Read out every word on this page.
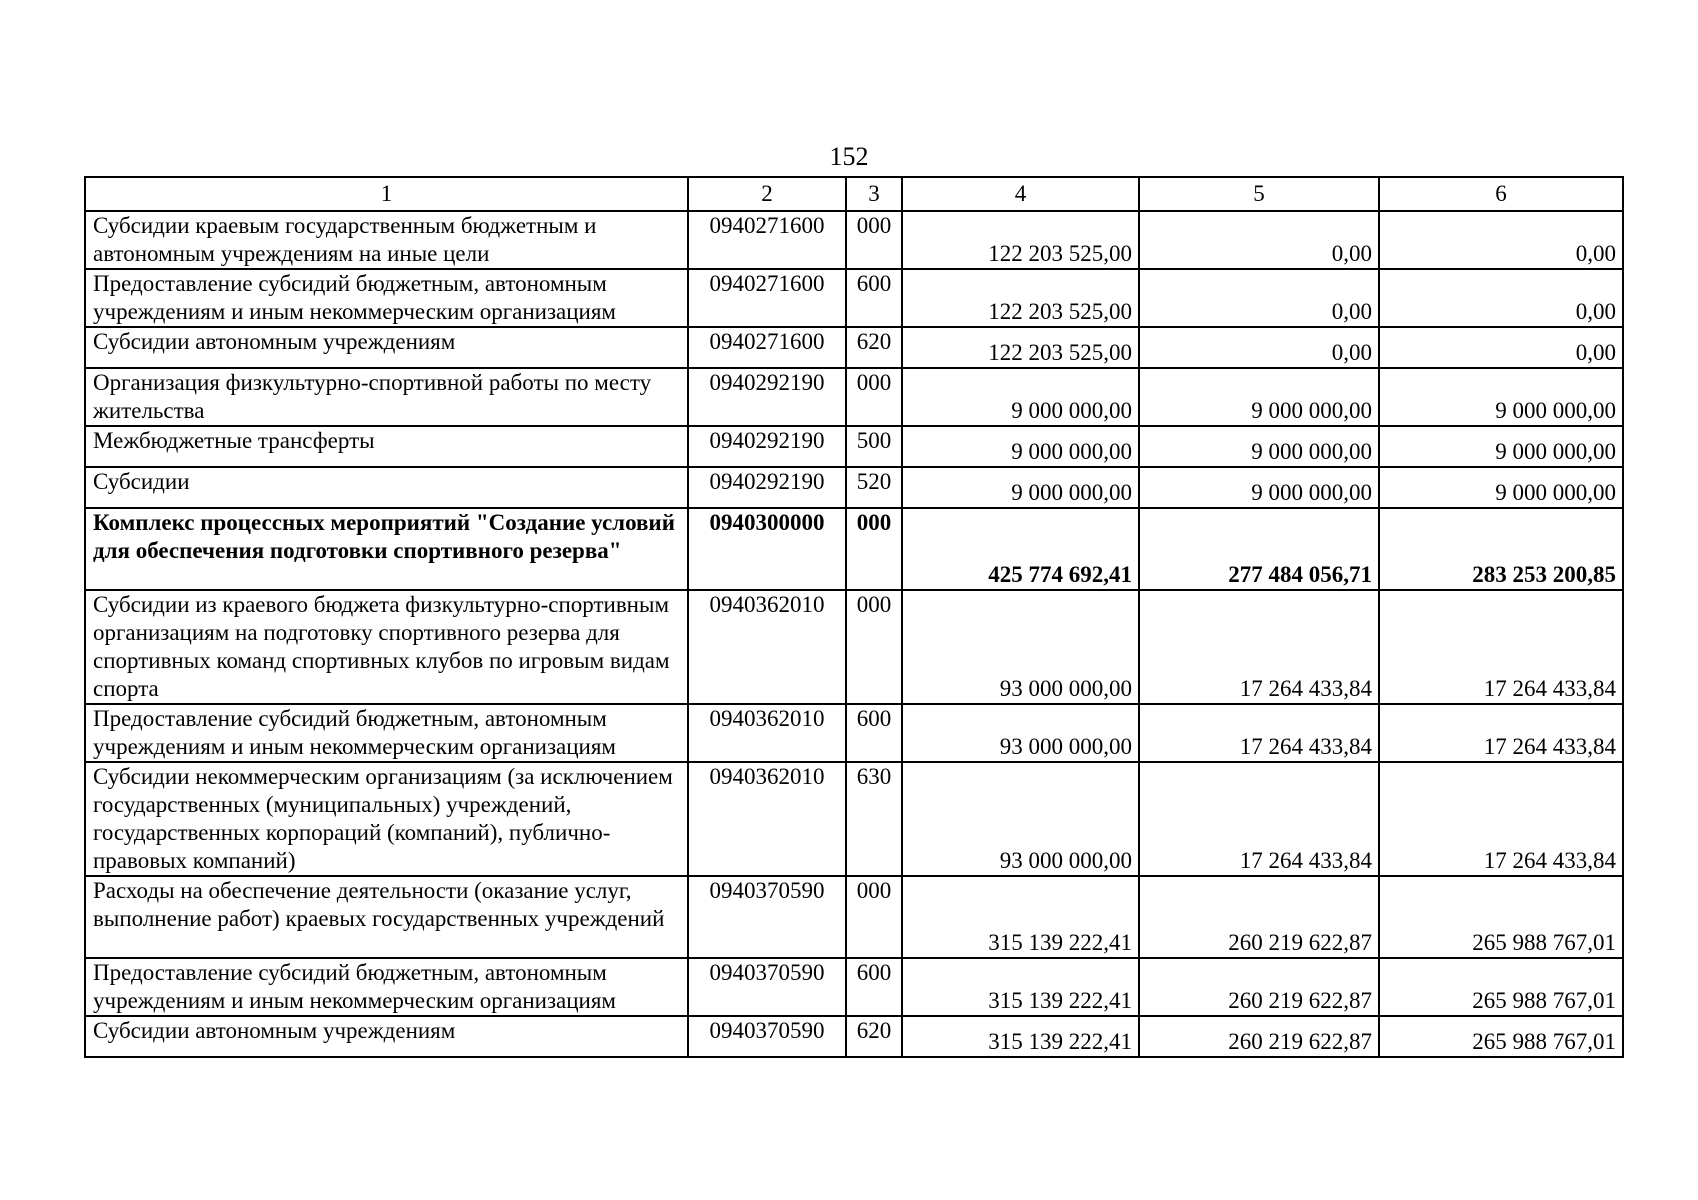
152
1	2	3	4	5	6
Субсидии краевым государственным бюджетным и автономным учреждениям на иные цели	0940271600	000	122 203 525,00	0,00	0,00
Предоставление субсидий бюджетным, автономным учреждениям и иным некоммерческим организациям	0940271600	600	122 203 525,00	0,00	0,00
Субсидии автономным учреждениям	0940271600	620	122 203 525,00	0,00	0,00
Организация физкультурно-спортивной работы по месту жительства	0940292190	000	9 000 000,00	9 000 000,00	9 000 000,00
Межбюджетные трансферты	0940292190	500	9 000 000,00	9 000 000,00	9 000 000,00
Субсидии	0940292190	520	9 000 000,00	9 000 000,00	9 000 000,00
Комплекс процессных мероприятий "Создание условий для обеспечения подготовки спортивного резерва"	0940300000	000	425 774 692,41	277 484 056,71	283 253 200,85
Субсидии из краевого бюджета физкультурно-спортивным организациям на подготовку спортивного резерва для спортивных команд спортивных клубов по игровым видам спорта	0940362010	000	93 000 000,00	17 264 433,84	17 264 433,84
Предоставление субсидий бюджетным, автономным учреждениям и иным некоммерческим организациям	0940362010	600	93 000 000,00	17 264 433,84	17 264 433,84
Субсидии некоммерческим организациям (за исключением государственных (муниципальных) учреждений, государственных корпораций (компаний), публично-правовых компаний)	0940362010	630	93 000 000,00	17 264 433,84	17 264 433,84
Расходы на обеспечение деятельности (оказание услуг, выполнение работ) краевых государственных учреждений	0940370590	000	315 139 222,41	260 219 622,87	265 988 767,01
Предоставление субсидий бюджетным, автономным учреждениям и иным некоммерческим организациям	0940370590	600	315 139 222,41	260 219 622,87	265 988 767,01
Субсидии автономным учреждениям	0940370590	620	315 139 222,41	260 219 622,87	265 988 767,01
